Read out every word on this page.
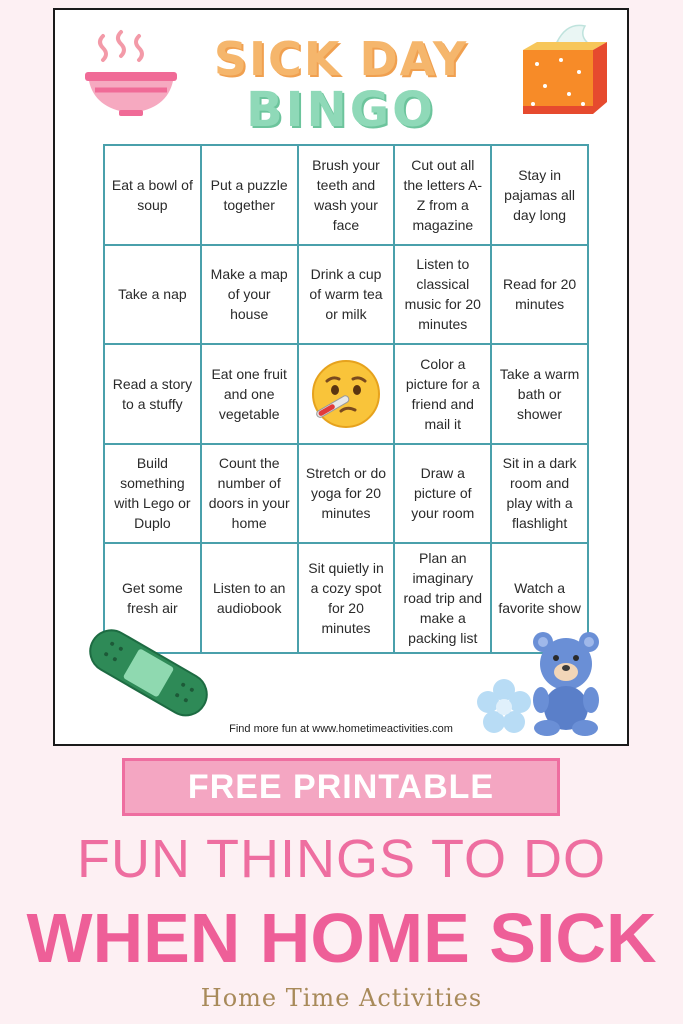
SICK DAY
BINGO
Eat a bowl of soup
Put a puzzle together
Brush your teeth and wash your face
Cut out all the letters A-Z from a magazine
Stay in pajamas all day long
Take a nap
Make a map of your house
Drink a cup of warm tea or milk
Listen to classical music for 20 minutes
Read for 20 minutes
Read a story to a stuffy
Eat one fruit and one vegetable
Color a picture for a friend and mail it
Take a warm bath or shower
Build something with Lego or Duplo
Count the number of doors in your home
Stretch or do yoga for 20 minutes
Draw a picture of your room
Sit in a dark room and play with a flashlight
Get some fresh air
Listen to an audiobook
Sit quietly in a cozy spot for 20 minutes
Plan an imaginary road trip and make a packing list
Watch a favorite show
Find more fun at www.hometimeactivities.com
FREE PRINTABLE
FUN THINGS TO DO
WHEN HOME SICK
Home Time Activities
